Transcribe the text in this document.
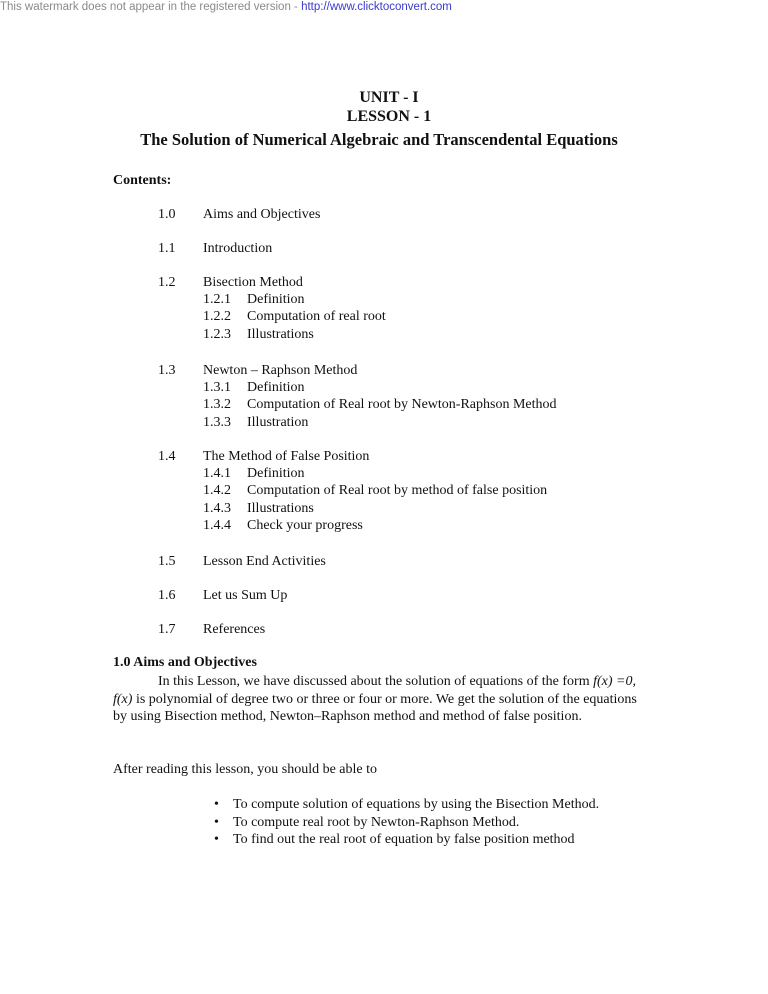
This watermark does not appear in the registered version - http://www.clicktoconvert.com
UNIT - I
LESSON - 1
The Solution of Numerical Algebraic and Transcendental Equations
Contents:
1.0 Aims and Objectives
1.1 Introduction
1.2 Bisection Method
1.2.1 Definition
1.2.2 Computation of real root
1.2.3 Illustrations
1.3 Newton – Raphson Method
1.3.1 Definition
1.3.2 Computation of Real root by Newton-Raphson Method
1.3.3 Illustration
1.4 The Method of False Position
1.4.1 Definition
1.4.2 Computation of Real root by method of false position
1.4.3 Illustrations
1.4.4 Check your progress
1.5 Lesson End Activities
1.6 Let us Sum Up
1.7 References
1.0 Aims and Objectives
In this Lesson, we have discussed about the solution of equations of the form f(x) =0, f(x) is polynomial of degree two or three or four or more. We get the solution of the equations by using Bisection method, Newton–Raphson method and method of false position.
After reading this lesson, you should be able to
• To compute solution of equations by using the Bisection Method.
• To compute real root by Newton-Raphson Method.
• To find out the real root of equation by false position method
